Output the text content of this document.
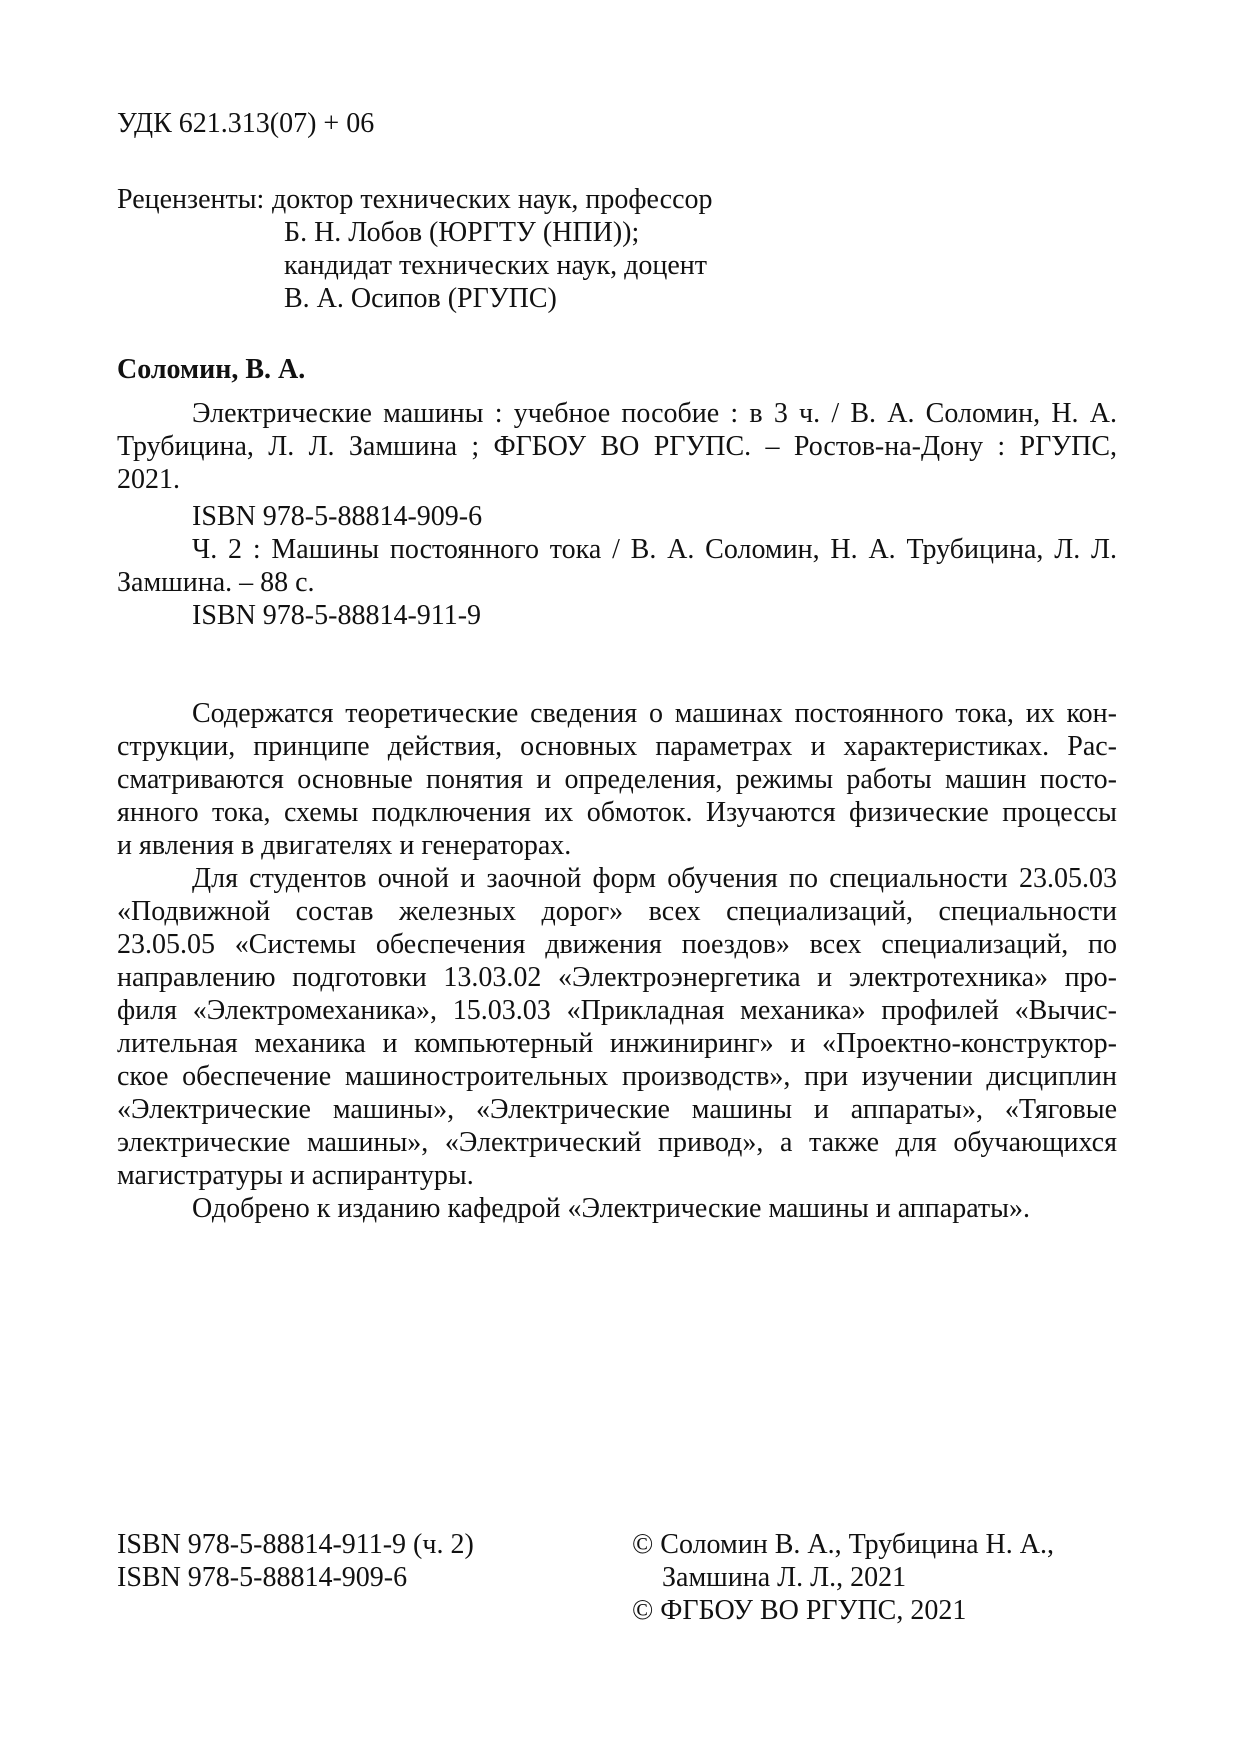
УДК 621.313(07) + 06
Рецензенты: доктор технических наук, профессор
Б. Н. Лобов (ЮРГТУ (НПИ));
кандидат технических наук, доцент
В. А. Осипов (РГУПС)
Соломин, В. А.
Электрические машины : учебное пособие : в 3 ч. / В. А. Соломин, Н. А.
Трубицина, Л. Л. Замшина ; ФГБОУ ВО РГУПС. – Ростов-на-Дону : РГУПС,
2021.
ISBN 978-5-88814-909-6
Ч. 2 : Машины постоянного тока / В. А. Соломин, Н. А. Трубицина, Л. Л.
Замшина. – 88 с.
ISBN 978-5-88814-911-9
Содержатся теоретические сведения о машинах постоянного тока, их кон-
струкции, принципе действия, основных параметрах и характеристиках. Рас-
сматриваются основные понятия и определения, режимы работы машин посто-
янного тока, схемы подключения их обмоток. Изучаются физические процессы
и явления в двигателях и генераторах.
Для студентов очной и заочной форм обучения по специальности 23.05.03
«Подвижной состав железных дорог» всех специализаций, специальности
23.05.05 «Системы обеспечения движения поездов» всех специализаций, по
направлению подготовки 13.03.02 «Электроэнергетика и электротехника» про-
филя «Электромеханика», 15.03.03 «Прикладная механика» профилей «Вычис-
лительная механика и компьютерный инжиниринг» и «Проектно-конструктор-
ское обеспечение машиностроительных производств», при изучении дисциплин
«Электрические машины», «Электрические машины и аппараты», «Тяговые
электрические машины», «Электрический привод», а также для обучающихся
магистратуры и аспирантуры.
Одобрено к изданию кафедрой «Электрические машины и аппараты».
ISBN 978-5-88814-911-9 (ч. 2)
ISBN 978-5-88814-909-6
© Соломин В. А., Трубицина Н. А.,
Замшина Л. Л., 2021
© ФГБОУ ВО РГУПС, 2021
